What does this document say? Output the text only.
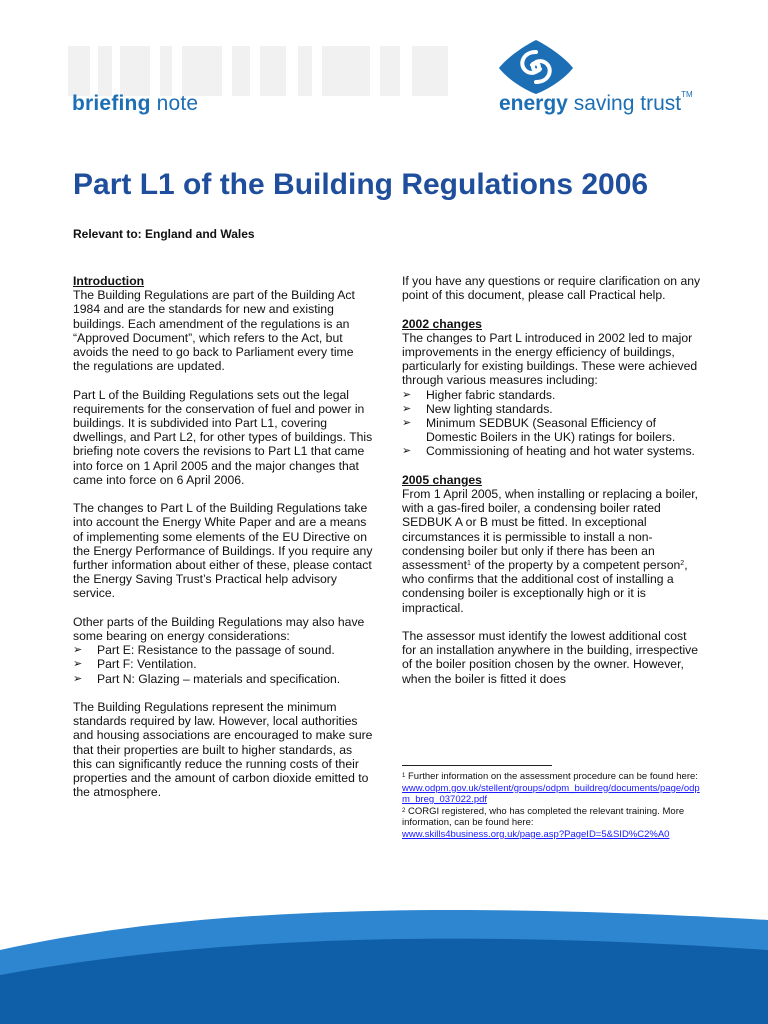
briefing note	energy saving trust™
Part L1 of the Building Regulations 2006
Relevant to: England and Wales
Introduction

The Building Regulations are part of the Building Act 1984 and are the standards for new and existing buildings. Each amendment of the regulations is an “Approved Document”, which refers to the Act, but avoids the need to go back to Parliament every time the regulations are updated.

Part L of the Building Regulations sets out the legal requirements for the conservation of fuel and power in buildings. It is subdivided into Part L1, covering dwellings, and Part L2, for other types of buildings. This briefing note covers the revisions to Part L1 that came into force on 1 April 2005 and the major changes that came into force on 6 April 2006.

The changes to Part L of the Building Regulations take into account the Energy White Paper and are a means of implementing some elements of the EU Directive on the Energy Performance of Buildings. If you require any further information about either of these, please contact the Energy Saving Trust’s Practical help advisory service.

Other parts of the Building Regulations may also have some bearing on energy considerations:

➢ Part E: Resistance to the passage of sound.
➢ Part F: Ventilation.
➢ Part N: Glazing – materials and specification.

The Building Regulations represent the minimum standards required by law. However, local authorities and housing associations are encouraged to make sure that their properties are built to higher standards, as this can significantly reduce the running costs of their properties and the amount of carbon dioxide emitted to the atmosphere.

If you have any questions or require clarification on any point of this document, please call Practical help.

2002 changes

The changes to Part L introduced in 2002 led to major improvements in the energy efficiency of buildings, particularly for existing buildings. These were achieved through various measures including:

➢ Higher fabric standards.
➢ New lighting standards.
➢ Minimum SEDBUK (Seasonal Efficiency of Domestic Boilers in the UK) ratings for boilers.
➢ Commissioning of heating and hot water systems.
2005 changes

From 1 April 2005, when installing or replacing a boiler, with a gas-fired boiler, a condensing boiler rated SEDBUK A or B must be fitted. In exceptional circumstances it is permissible to install a non-condensing boiler but only if there has been an assessment$^1$ of the property by a competent person$^2$, who confirms that the additional cost of installing a condensing boiler is exceptionally high or it is impractical.

The assessor must identify the lowest additional cost for an installation anywhere in the building, irrespective of the boiler position chosen by the owner. However, when the boiler is fitted it does

$^1$ Further information on the assessment procedure can be found here:
www.odpm.gov.uk/stellent/groups/odpm_buildreg/documents/page/odpm_breg_037022.pdf
$^2$ CORGI registered, who has completed the relevant training. More information, can be found here:
www.skills4business.org.uk/page.asp?PageID=5&SID%C2%A0
